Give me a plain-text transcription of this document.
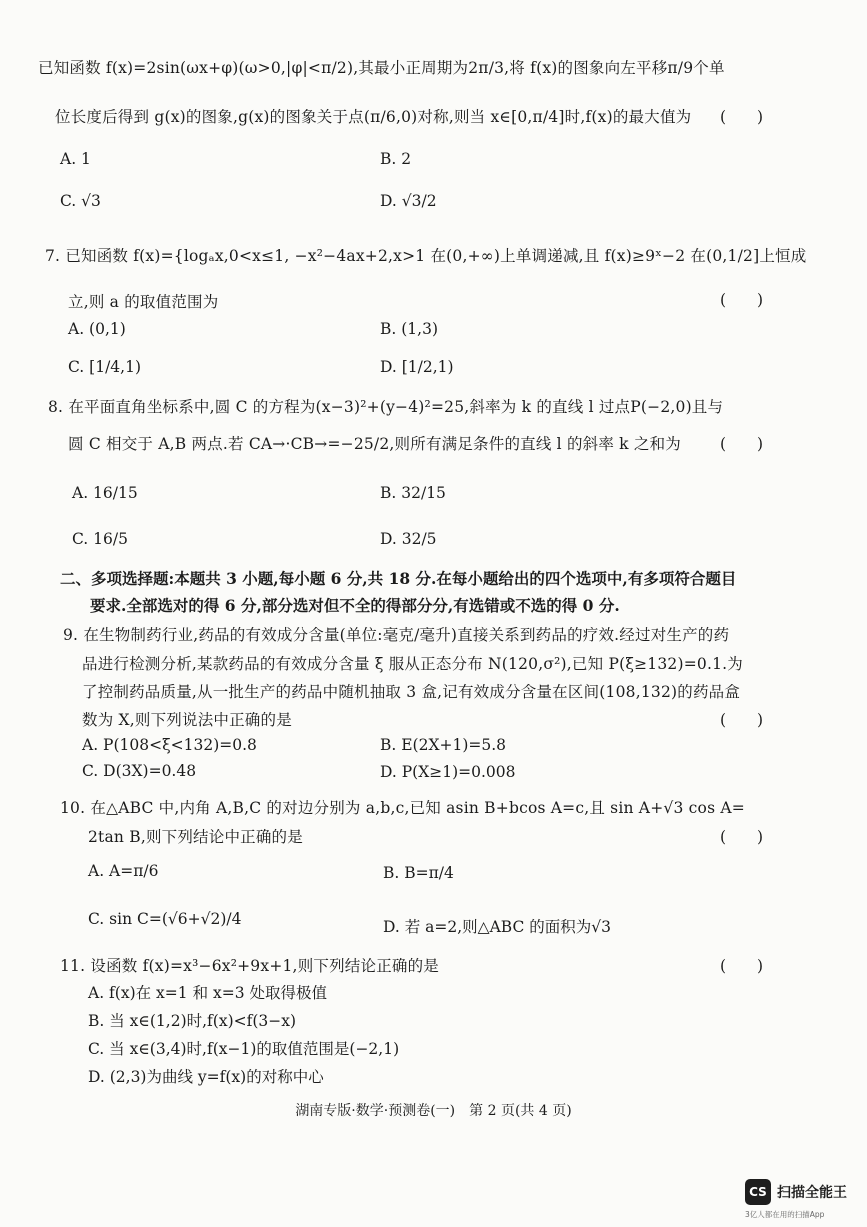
已知函数 f(x)=2sin(ωx+φ)(ω>0,|φ|<π/2),其最小正周期为2π/3,将 f(x)的图象向左平移π/9个单
位长度后得到 g(x)的图象,g(x)的图象关于点(π/6,0)对称,则当 x∈[0,π/4]时,f(x)的最大值为 (　　)
A. 1	B. 2
C. √3	D. √3/2
7. 已知函数 f(x)={logₐx,0<x≤1, −x²−4ax+2,x>1 在(0,+∞)上单调递减,且 f(x)≥9ˣ−2 在(0,1/2]上恒成
立,则 a 的取值范围为	(　　)
A. (0,1)	B. (1,3)
C. [1/4,1)	D. [1/2,1)
8. 在平面直角坐标系中,圆 C 的方程为(x−3)²+(y−4)²=25,斜率为 k 的直线 l 过点P(−2,0)且与
圆 C 相交于 A,B 两点.若 CA→·CB→=−25/2,则所有满足条件的直线 l 的斜率 k 之和为	(　　)
A. 16/15	B. 32/15
C. 16/5	D. 32/5
二、多项选择题:本题共 3 小题,每小题 6 分,共 18 分.在每小题给出的四个选项中,有多项符合题目
要求.全部选对的得 6 分,部分选对但不全的得部分分,有选错或不选的得 0 分.
9. 在生物制药行业,药品的有效成分含量(单位:毫克/毫升)直接关系到药品的疗效.经过对生产的药
品进行检测分析,某款药品的有效成分含量 ξ 服从正态分布 N(120,σ²),已知 P(ξ≥132)=0.1.为
了控制药品质量,从一批生产的药品中随机抽取 3 盒,记有效成分含量在区间(108,132)的药品盒
数为 X,则下列说法中正确的是	(　　)
A. P(108<ξ<132)=0.8	B. E(2X+1)=5.8
C. D(3X)=0.48	D. P(X≥1)=0.008
10. 在△ABC 中,内角 A,B,C 的对边分别为 a,b,c,已知 asin B+bcos A=c,且 sin A+√3 cos A=
2tan B,则下列结论中正确的是	(　　)
A. A=π/6	B. B=π/4
C. sin C=(√6+√2)/4	D. 若 a=2,则△ABC 的面积为√3
11. 设函数 f(x)=x³−6x²+9x+1,则下列结论正确的是	(　　)
A. f(x)在 x=1 和 x=3 处取得极值
B. 当 x∈(1,2)时,f(x)<f(3−x)
C. 当 x∈(3,4)时,f(x−1)的取值范围是(−2,1)
D. (2,3)为曲线 y=f(x)的对称中心
湖南专版·数学·预测卷(一)　第 2 页(共 4 页)
CS 扫描全能王
3亿人都在用的扫描App
